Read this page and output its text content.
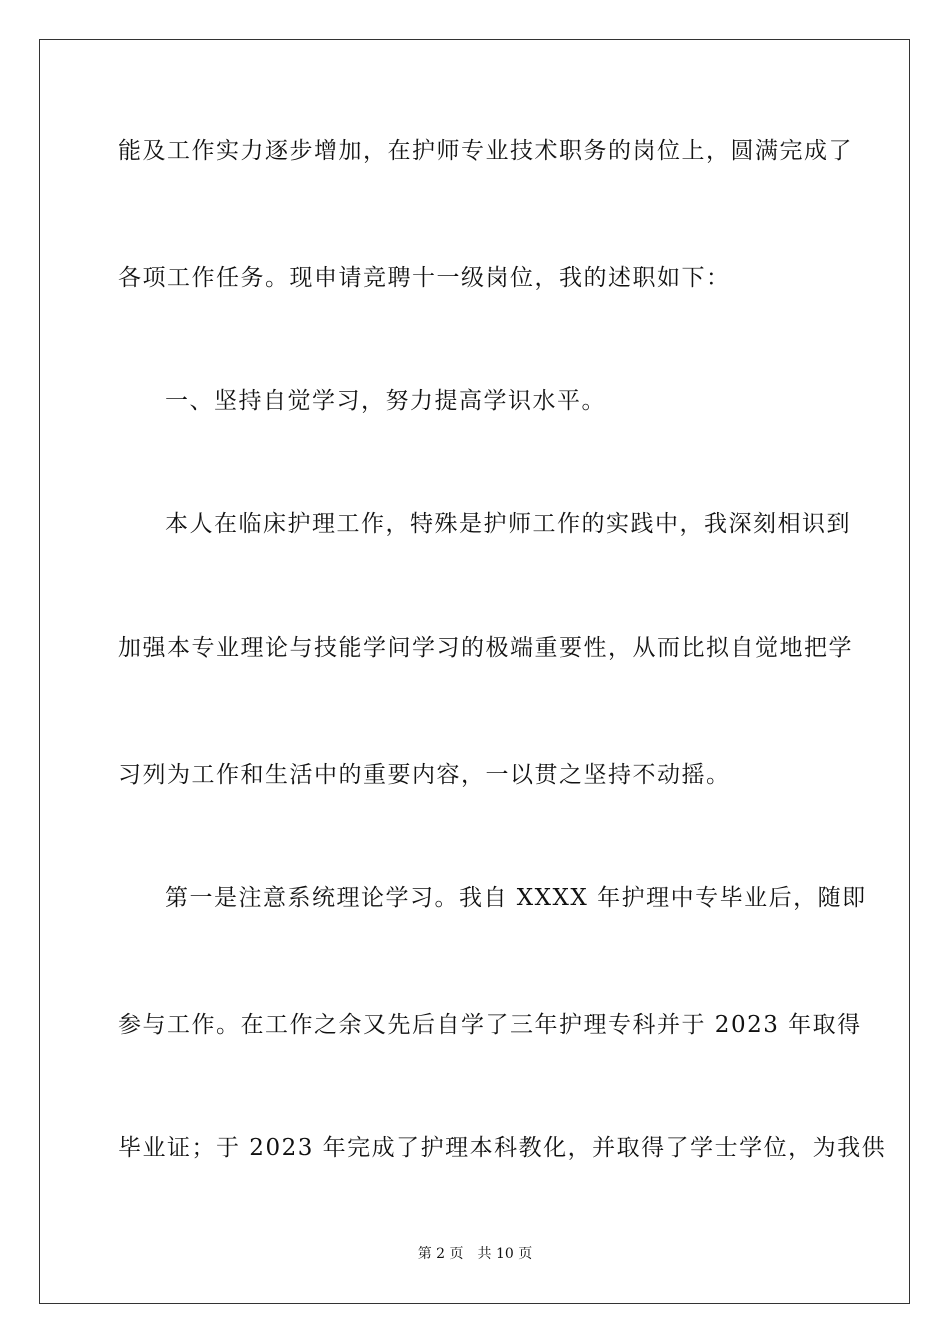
能及工作实力逐步增加，在护师专业技术职务的岗位上，圆满完成了
各项工作任务。现申请竞聘十一级岗位，我的述职如下：
一、坚持自觉学习，努力提高学识水平。
本人在临床护理工作，特殊是护师工作的实践中，我深刻相识到
加强本专业理论与技能学问学习的极端重要性，从而比拟自觉地把学
习列为工作和生活中的重要内容，一以贯之坚持不动摇。
第一是注意系统理论学习。我自 XXXX 年护理中专毕业后，随即
参与工作。在工作之余又先后自学了三年护理专科并于 2023 年取得
毕业证；于 2023 年完成了护理本科教化，并取得了学士学位，为我供
第 2 页 共 10 页
